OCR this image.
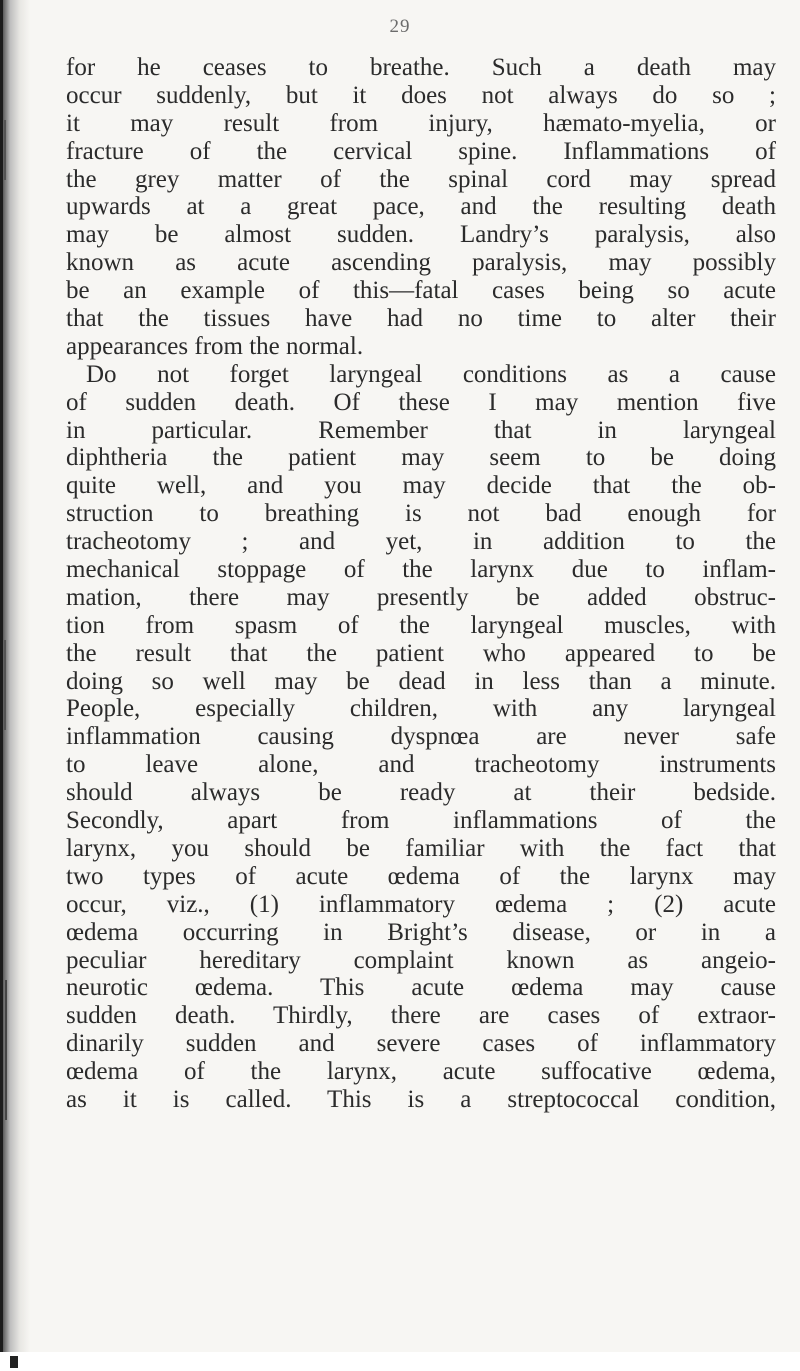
29
for he ceases to breathe. Such a death may
occur suddenly, but it does not always do so ;
it may result from injury, hæmato-myelia, or
fracture of the cervical spine. Inflammations of
the grey matter of the spinal cord may spread
upwards at a great pace, and the resulting death
may be almost sudden. Landry’s paralysis, also
known as acute ascending paralysis, may possibly
be an example of this—fatal cases being so acute
that the tissues have had no time to alter their
appearances from the normal.
Do not forget laryngeal conditions as a cause
of sudden death. Of these I may mention five
in particular. Remember that in laryngeal
diphtheria the patient may seem to be doing
quite well, and you may decide that the ob-
struction to breathing is not bad enough for
tracheotomy ; and yet, in addition to the
mechanical stoppage of the larynx due to inflam-
mation, there may presently be added obstruc-
tion from spasm of the laryngeal muscles, with
the result that the patient who appeared to be
doing so well may be dead in less than a minute.
People, especially children, with any laryngeal
inflammation causing dyspnœa are never safe
to leave alone, and tracheotomy instruments
should always be ready at their bedside.
Secondly, apart from inflammations of the
larynx, you should be familiar with the fact that
two types of acute œdema of the larynx may
occur, viz., (1) inflammatory œdema ; (2) acute
œdema occurring in Bright’s disease, or in a
peculiar hereditary complaint known as angeio-
neurotic œdema. This acute œdema may cause
sudden death. Thirdly, there are cases of extraor-
dinarily sudden and severe cases of inflammatory
œdema of the larynx, acute suffocative œdema,
as it is called. This is a streptococcal condition,
